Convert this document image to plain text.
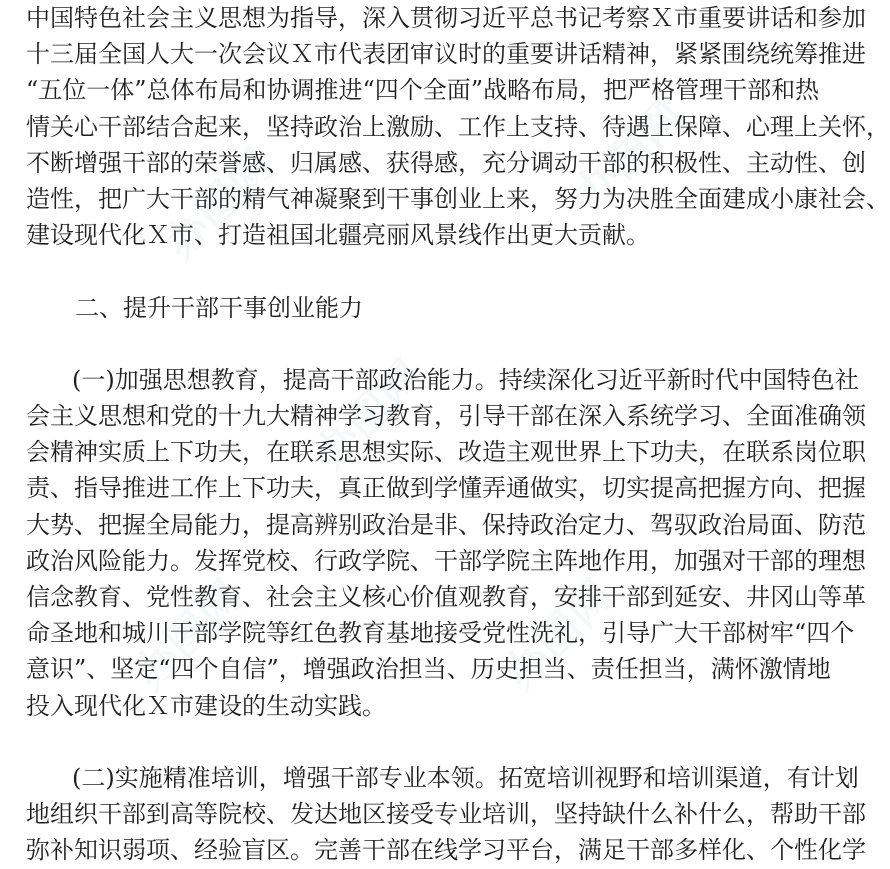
办图网	办图网
办图网
办图网	办图网
中国特色社会主义思想为指导，深入贯彻习近平总书记考察Ｘ市重要讲话和参加
十三届全国人大一次会议Ｘ市代表团审议时的重要讲话精神，紧紧围绕统筹推进
“五位一体”总体布局和协调推进“四个全面”战略布局，把严格管理干部和热
情关心干部结合起来，坚持政治上激励、工作上支持、待遇上保障、心理上关怀，
不断增强干部的荣誉感、归属感、获得感，充分调动干部的积极性、主动性、创
造性，把广大干部的精气神凝聚到干事创业上来，努力为决胜全面建成小康社会、
建设现代化Ｘ市、打造祖国北疆亮丽风景线作出更大贡献。
二、提升干部干事创业能力
(一)加强思想教育，提高干部政治能力。持续深化习近平新时代中国特色社
会主义思想和党的十九大精神学习教育，引导干部在深入系统学习、全面准确领
会精神实质上下功夫，在联系思想实际、改造主观世界上下功夫，在联系岗位职
责、指导推进工作上下功夫，真正做到学懂弄通做实，切实提高把握方向、把握
大势、把握全局能力，提高辨别政治是非、保持政治定力、驾驭政治局面、防范
政治风险能力。发挥党校、行政学院、干部学院主阵地作用，加强对干部的理想
信念教育、党性教育、社会主义核心价值观教育，安排干部到延安、井冈山等革
命圣地和城川干部学院等红色教育基地接受党性洗礼，引导广大干部树牢“四个
意识”、坚定“四个自信”，增强政治担当、历史担当、责任担当，满怀激情地
投入现代化Ｘ市建设的生动实践。
(二)实施精准培训，增强干部专业本领。拓宽培训视野和培训渠道，有计划
地组织干部到高等院校、发达地区接受专业培训，坚持缺什么补什么，帮助干部
弥补知识弱项、经验盲区。完善干部在线学习平台，满足干部多样化、个性化学
